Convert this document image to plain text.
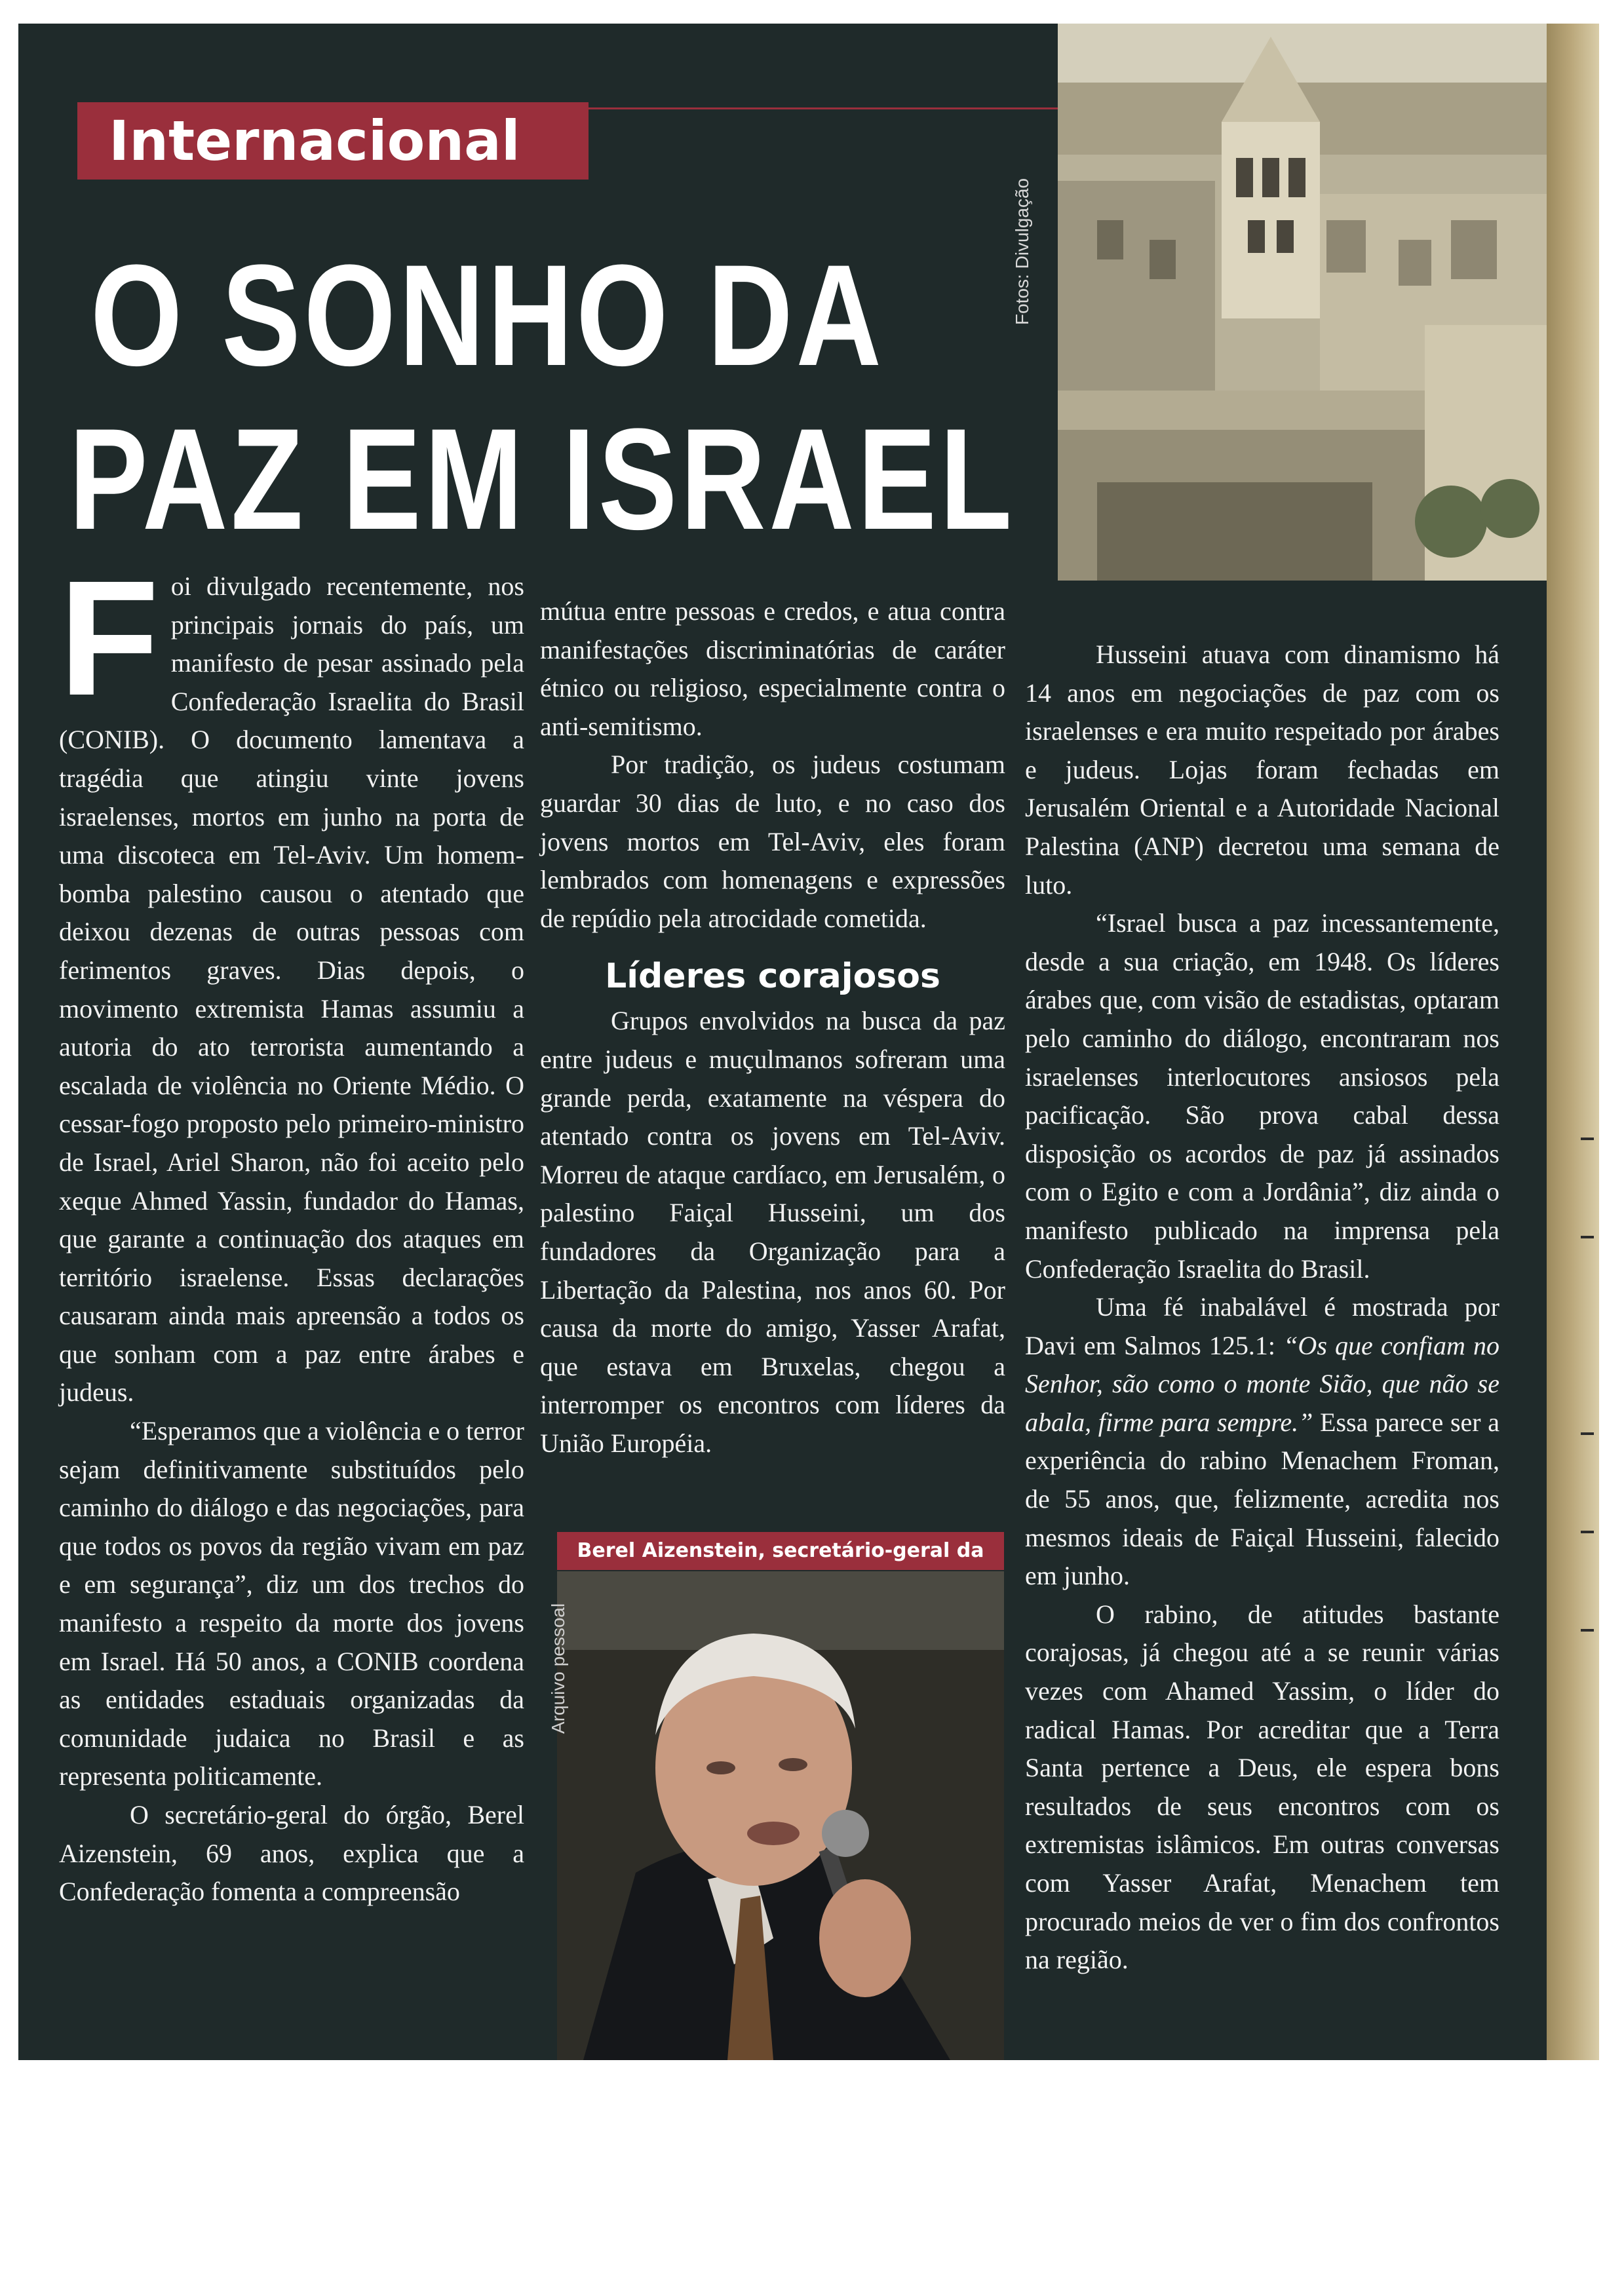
Internacional
O SONHO DA
PAZ EM ISRAEL
Fotos: Divulgação
F oi divulgado recentemente, nos principais jornais do país, um manifesto de pesar assinado pela Confederação Israelita do Brasil (CONIB). O documento lamentava a tragédia que atingiu vinte jovens israelenses, mortos em junho na porta de uma discoteca em Tel-Aviv. Um homem-bomba palestino causou o atentado que deixou dezenas de outras pessoas com ferimentos graves. Dias depois, o movimento extremista Hamas assumiu a autoria do ato terrorista aumentando a escalada de violência no Oriente Médio. O cessar-fogo proposto pelo primeiro-ministro de Israel, Ariel Sharon, não foi aceito pelo xeque Ahmed Yassin, fundador do Hamas, que garante a continuação dos ataques em território israelense. Essas declarações causaram ainda mais apreensão a todos os que sonham com a paz entre árabes e judeus.

“Esperamos que a violência e o terror sejam definitivamente substituídos pelo caminho do diálogo e das negociações, para que todos os povos da região vivam em paz e em segurança”, diz um dos trechos do manifesto a respeito da morte dos jovens em Israel. Há 50 anos, a CONIB coordena as entidades estaduais organizadas da comunidade judaica no Brasil e as representa politicamente.

O secretário-geral do órgão, Berel Aizenstein, 69 anos, explica que a Confederação fomenta a compreensão

mútua entre pessoas e credos, e atua contra manifestações discriminatórias de caráter étnico ou religioso, especialmente contra o anti-semitismo.

Por tradição, os judeus costumam guardar 30 dias de luto, e no caso dos jovens mortos em Tel-Aviv, eles foram lembrados com homenagens e expressões de repúdio pela atrocidade cometida.

Líderes corajosos

Grupos envolvidos na busca da paz entre judeus e muçulmanos sofreram uma grande perda, exatamente na véspera do atentado contra os jovens em Tel-Aviv. Morreu de ataque cardíaco, em Jerusalém, o palestino Faiçal Husseini, um dos fundadores da Organização para a Libertação da Palestina, nos anos 60. Por causa da morte do amigo, Yasser Arafat, que estava em Bruxelas, chegou a interromper os encontros com líderes da União Européia.

Berel Aizenstein, secretário-geral da
Arquivo pessoal

Husseini atuava com dinamismo há 14 anos em negociações de paz com os israelenses e era muito respeitado por árabes e judeus. Lojas foram fechadas em Jerusalém Oriental e a Autoridade Nacional Palestina (ANP) decretou uma semana de luto.

“Israel busca a paz incessantemente, desde a sua criação, em 1948. Os líderes árabes que, com visão de estadistas, optaram pelo caminho do diálogo, encontraram nos israelenses interlocutores ansiosos pela pacificação. São prova cabal dessa disposição os acordos de paz já assinados com o Egito e com a Jordânia”, diz ainda o manifesto publicado na imprensa pela Confederação Israelita do Brasil.

Uma fé inabalável é mostrada por Davi em Salmos 125.1: “Os que confiam no Senhor, são como o monte Sião, que não se abala, firme para sempre.” Essa parece ser a experiência do rabino Menachem Froman, de 55 anos, que, felizmente, acredita nos mesmos ideais de Faiçal Husseini, falecido em junho.

O rabino, de atitudes bastante corajosas, já chegou até a se reunir várias vezes com Ahamed Yassim, o líder do radical Hamas. Por acreditar que a Terra Santa pertence a Deus, ele espera bons resultados de seus encontros com os extremistas islâmicos. Em outras conversas com Yasser Arafat, Menachem tem procurado meios de ver o fim dos confrontos na região.
